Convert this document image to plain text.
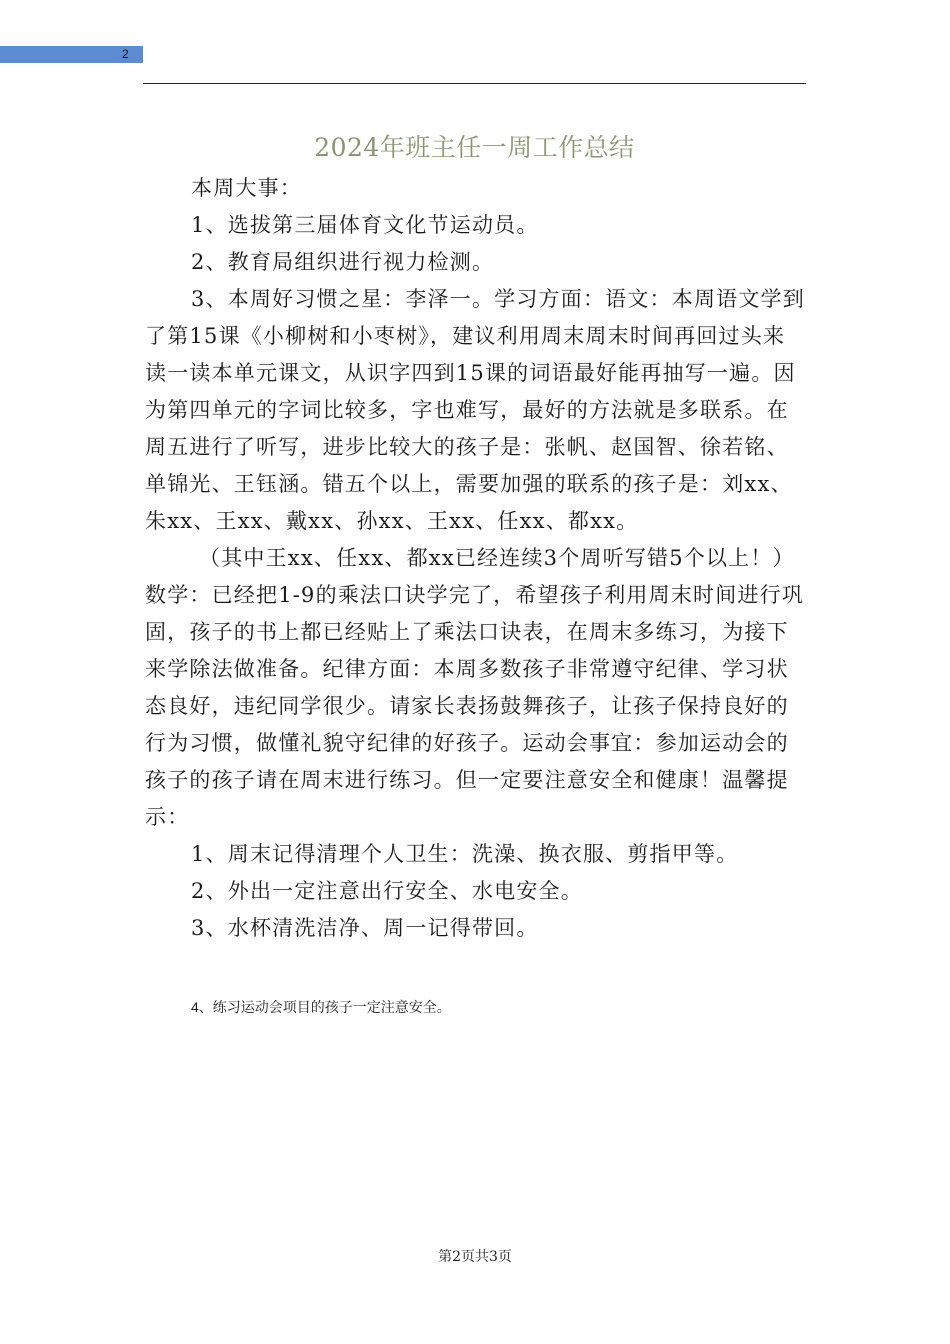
2
2024年班主任一周工作总结

本周大事：

1、选拔第三届体育文化节运动员。

2、教育局组织进行视力检测。

3、本周好习惯之星：李泽一。学习方面：语文：本周语文学到了第15课《小柳树和小枣树》，建议利用周末周末时间再回过头来读一读本单元课文，从识字四到15课的词语最好能再抽写一遍。因为第四单元的字词比较多，字也难写，最好的方法就是多联系。在周五进行了听写，进步比较大的孩子是：张帆、赵国智、徐若铭、单锦光、王钰涵。错五个以上，需要加强的联系的孩子是：刘xx、朱xx、王xx、戴xx、孙xx、王xx、任xx、都xx。

（其中王xx、任xx、都xx已经连续3个周听写错5个以上！）数学：已经把1-9的乘法口诀学完了，希望孩子利用周末时间进行巩固，孩子的书上都已经贴上了乘法口诀表，在周末多练习，为接下来学除法做准备。纪律方面：本周多数孩子非常遵守纪律、学习状态良好，违纪同学很少。请家长表扬鼓舞孩子，让孩子保持良好的行为习惯，做懂礼貌守纪律的好孩子。运动会事宜：参加运动会的孩子的孩子请在周末进行练习。但一定要注意安全和健康！温馨提示：

1、周末记得清理个人卫生：洗澡、换衣服、剪指甲等。

2、外出一定注意出行安全、水电安全。

3、水杯清洗洁净、周一记得带回。

4、练习运动会项目的孩子一定注意安全。
第2页共3页
